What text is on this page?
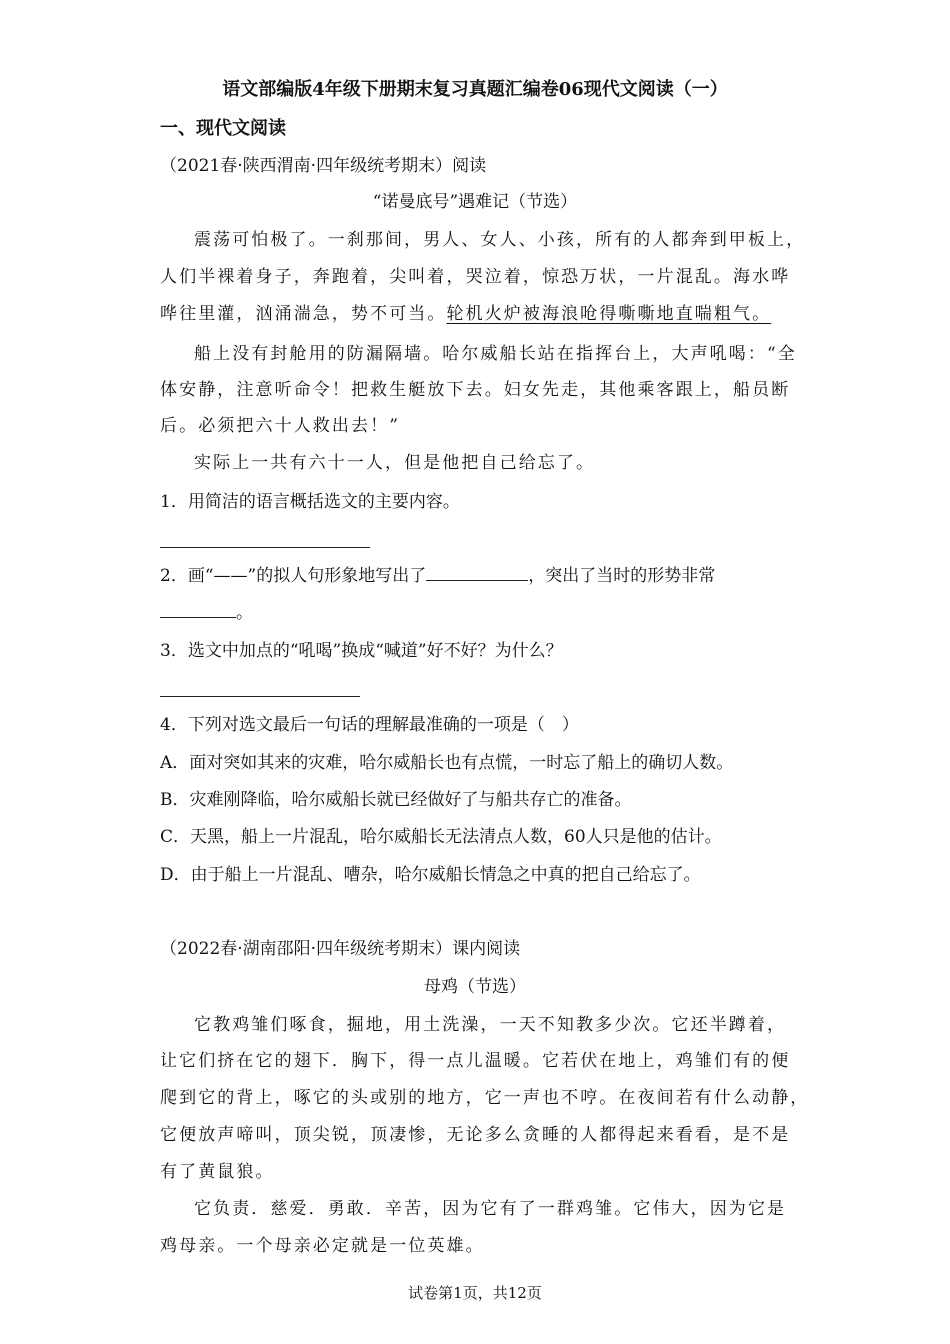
语文部编版4年级下册期末复习真题汇编卷06现代文阅读（一）
一、现代文阅读
（2021春·陕西渭南·四年级统考期末）阅读
“诺曼底号”遇难记（节选）
震荡可怕极了。一刹那间，男人、女人、小孩，所有的人都奔到甲板上，
人们半裸着身子，奔跑着，尖叫着，哭泣着，惊恐万状，一片混乱。海水哗
哗往里灌，汹涌湍急，势不可当。轮机火炉被海浪呛得嘶嘶地直喘粗气。
船上没有封舱用的防漏隔墙。哈尔威船长站在指挥台上，大声吼喝：“全
体安静，注意听命令！把救生艇放下去。妇女先走，其他乘客跟上，船员断
后。必须把六十人救出去！”
实际上一共有六十一人，但是他把自己给忘了。
1．用简洁的语言概括选文的主要内容。
2．画“——”的拟人句形象地写出了	，突出了当时的形势非常
。
3．选文中加点的“吼喝”换成“喊道”好不好？为什么？
4．下列对选文最后一句话的理解最准确的一项是（　）
A．面对突如其来的灾难，哈尔威船长也有点慌，一时忘了船上的确切人数。
B．灾难刚降临，哈尔威船长就已经做好了与船共存亡的准备。
C．天黑，船上一片混乱，哈尔威船长无法清点人数，60人只是他的估计。
D．由于船上一片混乱、嘈杂，哈尔威船长情急之中真的把自己给忘了。
（2022春·湖南邵阳·四年级统考期末）课内阅读
母鸡（节选）
它教鸡雏们啄食，掘地，用土洗澡，一天不知教多少次。它还半蹲着，
让它们挤在它的翅下．胸下，得一点儿温暖。它若伏在地上，鸡雏们有的便
爬到它的背上，啄它的头或别的地方，它一声也不哼。在夜间若有什么动静，
它便放声啼叫，顶尖锐，顶凄惨，无论多么贪睡的人都得起来看看，是不是
有了黄鼠狼。
它负责．慈爱．勇敢．辛苦，因为它有了一群鸡雏。它伟大，因为它是
鸡母亲。一个母亲必定就是一位英雄。
试卷第1页，共12页
